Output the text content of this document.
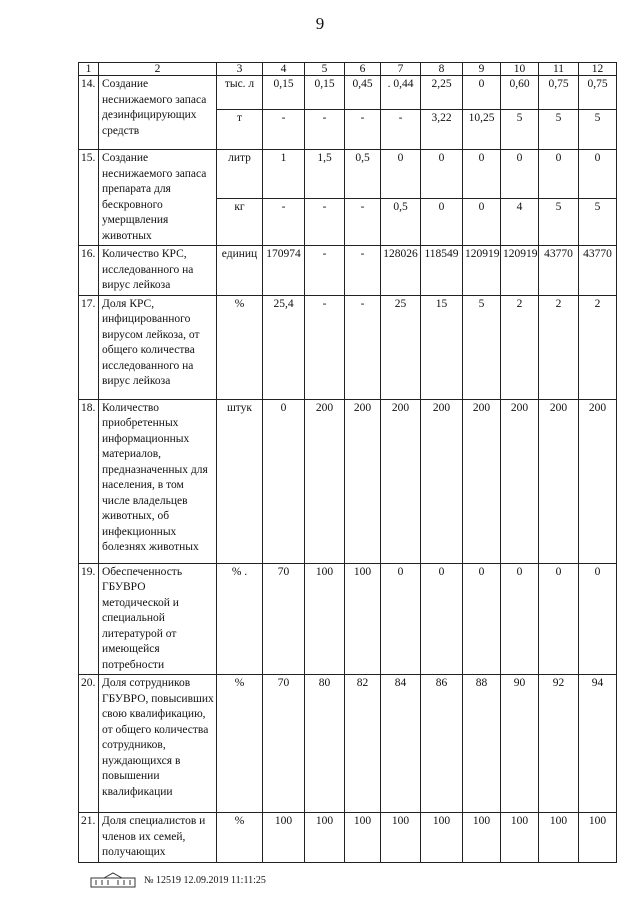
9
1	2	3	4	5	6	7	8	9	10	11	12
14.	Создание неснижаемого запаса дезинфицирующих средств	тыс. л	0,15	0,15	0,45	. 0,44	2,25	0	0,60	0,75	0,75
		т	-	-	-	-	3,22	10,25	5	5	5
15.	Создание неснижаемого запаса препарата для бескровного умерщвления животных	литр	1	1,5	0,5	0	0	0	0	0	0
		кг	-	-	-	0,5	0	0	4	5	5
16.	Количество КРС, исследованного на вирус лейкоза	единиц	170974	-	-	128026	118549	120919	120919	43770	43770
17.	Доля КРС, инфицированного вирусом лейкоза, от общего количества исследованного на вирус лейкоза	%	25,4	-	-	25	15	5	2	2	2
18.	Количество приобретенных информационных материалов, предназначенных для населения, в том числе владельцев животных, об инфекционных болезнях животных	штук	0	200	200	200	200	200	200	200	200
19.	Обеспеченность ГБУВРО методической и специальной литературой от имеющейся потребности	% .	70	100	100	0	0	0	0	0	0
20.	Доля сотрудников ГБУВРО, повысивших свою квалификацию, от общего количества сотрудников, нуждающихся в повышении квалификации	%	70	80	82	84	86	88	90	92	94
21.	Доля специалистов и членов их семей, получающих	%	100	100	100	100	100	100	100	100	100
№ 12519 12.09.2019 11:11:25
